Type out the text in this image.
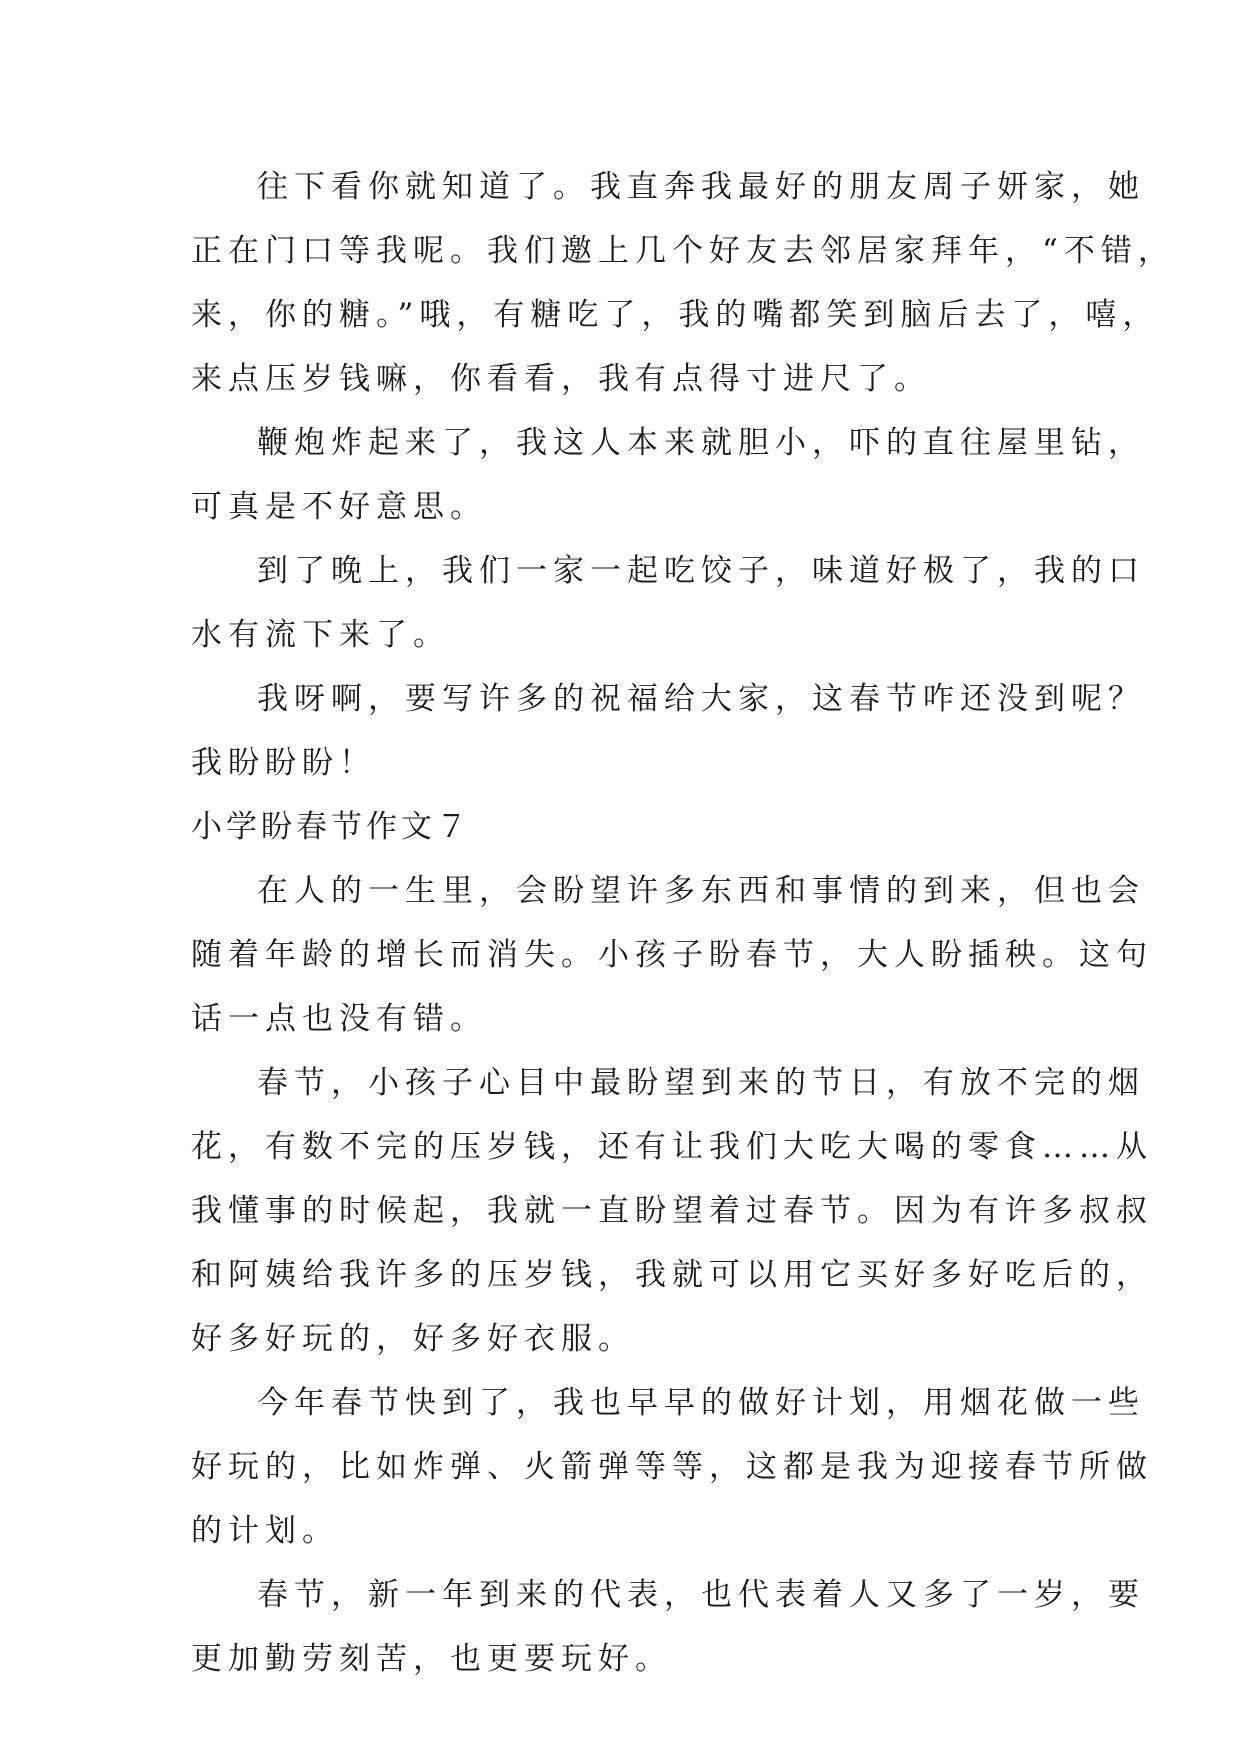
往下看你就知道了。我直奔我最好的朋友周子妍家，她
正在门口等我呢。我们邀上几个好友去邻居家拜年，“不错，
来，你的糖。”哦，有糖吃了，我的嘴都笑到脑后去了，嘻，
来点压岁钱嘛，你看看，我有点得寸进尺了。
鞭炮炸起来了，我这人本来就胆小，吓的直往屋里钻，
可真是不好意思。
到了晚上，我们一家一起吃饺子，味道好极了，我的口
水有流下来了。
我呀啊，要写许多的祝福给大家，这春节咋还没到呢？
我盼盼盼！
小学盼春节作文７
在人的一生里，会盼望许多东西和事情的到来，但也会
随着年龄的增长而消失。小孩子盼春节，大人盼插秧。这句
话一点也没有错。
春节，小孩子心目中最盼望到来的节日，有放不完的烟
花，有数不完的压岁钱，还有让我们大吃大喝的零食……从
我懂事的时候起，我就一直盼望着过春节。因为有许多叔叔
和阿姨给我许多的压岁钱，我就可以用它买好多好吃后的，
好多好玩的，好多好衣服。
今年春节快到了，我也早早的做好计划，用烟花做一些
好玩的，比如炸弹、火箭弹等等，这都是我为迎接春节所做
的计划。
春节，新一年到来的代表，也代表着人又多了一岁，要
更加勤劳刻苦，也更要玩好。
